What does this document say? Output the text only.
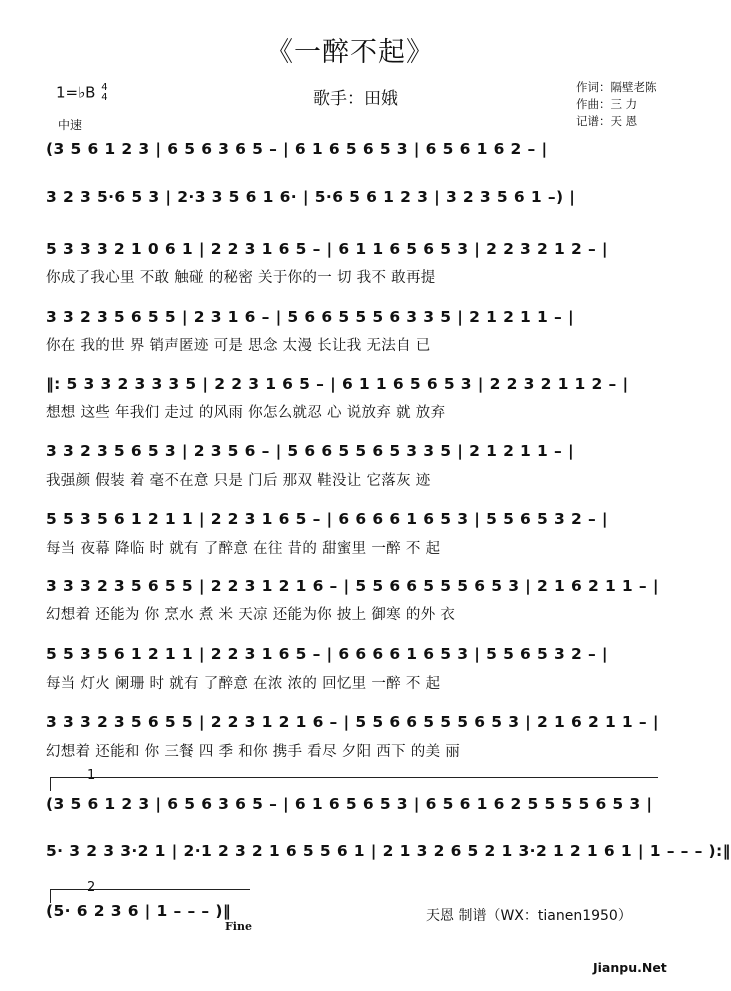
《一醉不起》
1=♭B 4
4	歌手：田娥
作词：隔壁老陈
作曲：三 力
记谱：天 恩
中速
(3 5 6 1 2 3 | 6 5 6 3 6 5 – | 6 1 6 5 6 5 3 | 6 5 6 1 6 2 – |
3 2 3 5·6 5 3 | 2·3 3 5 6 1 6· | 5·6 5 6 1 2 3 | 3 2 3 5 6 1 –) |
5 3 3 3 2 1 0 6 1 | 2 2 3 1 6 5 – | 6 1 1 6 5 6 5 3 | 2 2 3 2 1 2 – |
你成了我心里 不敢 触碰 的秘密 关于你的一 切 我不 敢再提
3 3 2 3 5 6 5 5 | 2 3 1 6 – | 5 6 6 5 5 5 6 3 3 5 | 2 1 2 1 1 – |
你在 我的世 界 销声匿迹 可是 思念 太漫 长让我 无法自 已
‖: 5 3 3 2 3 3 3 5 | 2 2 3 1 6 5 – | 6 1 1 6 5 6 5 3 | 2 2 3 2 1 1 2 – |
想想 这些 年我们 走过 的风雨 你怎么就忍 心 说放弃 就 放弃
3 3 2 3 5 6 5 3 | 2 3 5 6 – | 5 6 6 5 5 6 5 3 3 5 | 2 1 2 1 1 – |
我强颜 假装 着 毫不在意 只是 门后 那双 鞋没让 它落灰 迹
5 5 3 5 6 1 2 1 1 | 2 2 3 1 6 5 – | 6 6 6 6 1 6 5 3 | 5 5 6 5 3 2 – |
每当 夜幕 降临 时 就有 了醉意 在往 昔的 甜蜜里 一醉 不 起
3 3 3 2 3 5 6 5 5 | 2 2 3 1 2 1 6 – | 5 5 6 6 5 5 5 6 5 3 | 2 1 6 2 1 1 – |
幻想着 还能为 你 烹水 煮 米 天凉 还能为你 披上 御寒 的外 衣
5 5 3 5 6 1 2 1 1 | 2 2 3 1 6 5 – | 6 6 6 6 1 6 5 3 | 5 5 6 5 3 2 – |
每当 灯火 阑珊 时 就有 了醉意 在浓 浓的 回忆里 一醉 不 起
3 3 3 2 3 5 6 5 5 | 2 2 3 1 2 1 6 – | 5 5 6 6 5 5 5 6 5 3 | 2 1 6 2 1 1 – |
幻想着 还能和 你 三餐 四 季 和你 携手 看尽 夕阳 西下 的美 丽
1
(3 5 6 1 2 3 | 6 5 6 3 6 5 – | 6 1 6 5 6 5 3 | 6 5 6 1 6 2 5 5 5 5 6 5 3 |
5· 3 2 3 3·2 1 | 2·1 2 3 2 1 6 5 5 6 1 | 2 1 3 2 6 5 2 1 3·2 1 2 1 6 1 | 1 – – – ):‖
2
(5· 6 2 3 6 | 1 – – – )‖
Fine
天恩 制谱（WX：tianen1950）
Jianpu.Net
